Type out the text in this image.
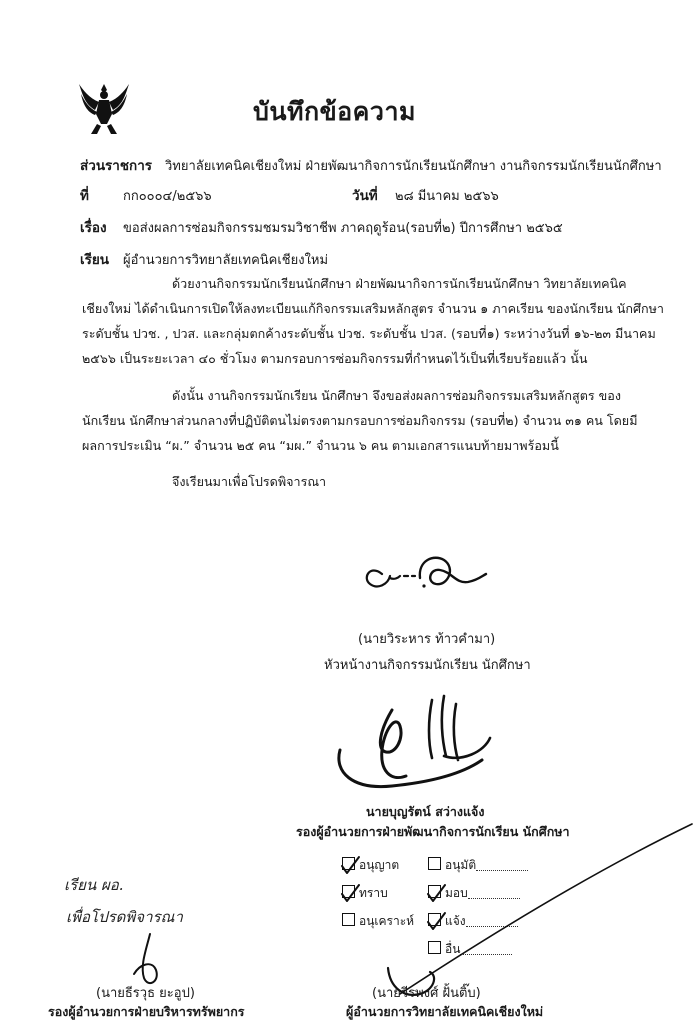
บันทึกข้อความ
ส่วนราชการ วิทยาลัยเทคนิคเชียงใหม่ ฝ่ายพัฒนากิจการนักเรียนนักศึกษา งานกิจกรรมนักเรียนนักศึกษา
ที่	กก๐๐๐๔/๒๕๖๖	วันที่ ๒๘ มีนาคม ๒๕๖๖
เรื่อง ขอส่งผลการซ่อมกิจกรรมชมรมวิชาชีพ ภาคฤดูร้อน(รอบที่๒) ปีการศึกษา ๒๕๖๕
เรียน ผู้อำนวยการวิทยาลัยเทคนิคเชียงใหม่
ด้วยงานกิจกรรมนักเรียนนักศึกษา ฝ่ายพัฒนากิจการนักเรียนนักศึกษา วิทยาลัยเทคนิค
เชียงใหม่ ได้ดำเนินการเปิดให้ลงทะเบียนแก้กิจกรรมเสริมหลักสูตร จำนวน ๑ ภาคเรียน ของนักเรียน นักศึกษา
ระดับชั้น ปวช. , ปวส. และกลุ่มตกค้างระดับชั้น ปวช. ระดับชั้น ปวส. (รอบที่๑) ระหว่างวันที่ ๑๖-๒๓ มีนาคม
๒๕๖๖ เป็นระยะเวลา ๔๐ ชั่วโมง ตามกรอบการซ่อมกิจกรรมที่กำหนดไว้เป็นที่เรียบร้อยแล้ว นั้น
ดังนั้น งานกิจกรรมนักเรียน นักศึกษา จึงขอส่งผลการซ่อมกิจกรรมเสริมหลักสูตร ของ
นักเรียน นักศึกษาส่วนกลางที่ปฏิบัติตนไม่ตรงตามกรอบการซ่อมกิจกรรม (รอบที่๒) จำนวน ๓๑ คน โดยมี
ผลการประเมิน “ผ.” จำนวน ๒๕ คน “มผ.” จำนวน ๖ คน ตามเอกสารแนบท้ายมาพร้อมนี้
จึงเรียนมาเพื่อโปรดพิจารณา
(นายวิระหาร ท้าวคำมา)
หัวหน้างานกิจกรรมนักเรียน นักศึกษา
นายบุญรัตน์ สว่างแจ้ง
รองผู้อำนวยการฝ่ายพัฒนากิจการนักเรียน นักศึกษา
อนุญาต
ทราบ
อนุเคราะห์
อนุมัติ
มอบ
แจ้ง
อื่น
เรียน ผอ.
เพื่อโปรดพิจารณา
(นายธีรวุธ ยะอูป)
รองผู้อำนวยการฝ่ายบริหารทรัพยากร
(นายวีรพงศ์ ฝั้นติ๊บ)
ผู้อำนวยการวิทยาลัยเทคนิคเชียงใหม่
